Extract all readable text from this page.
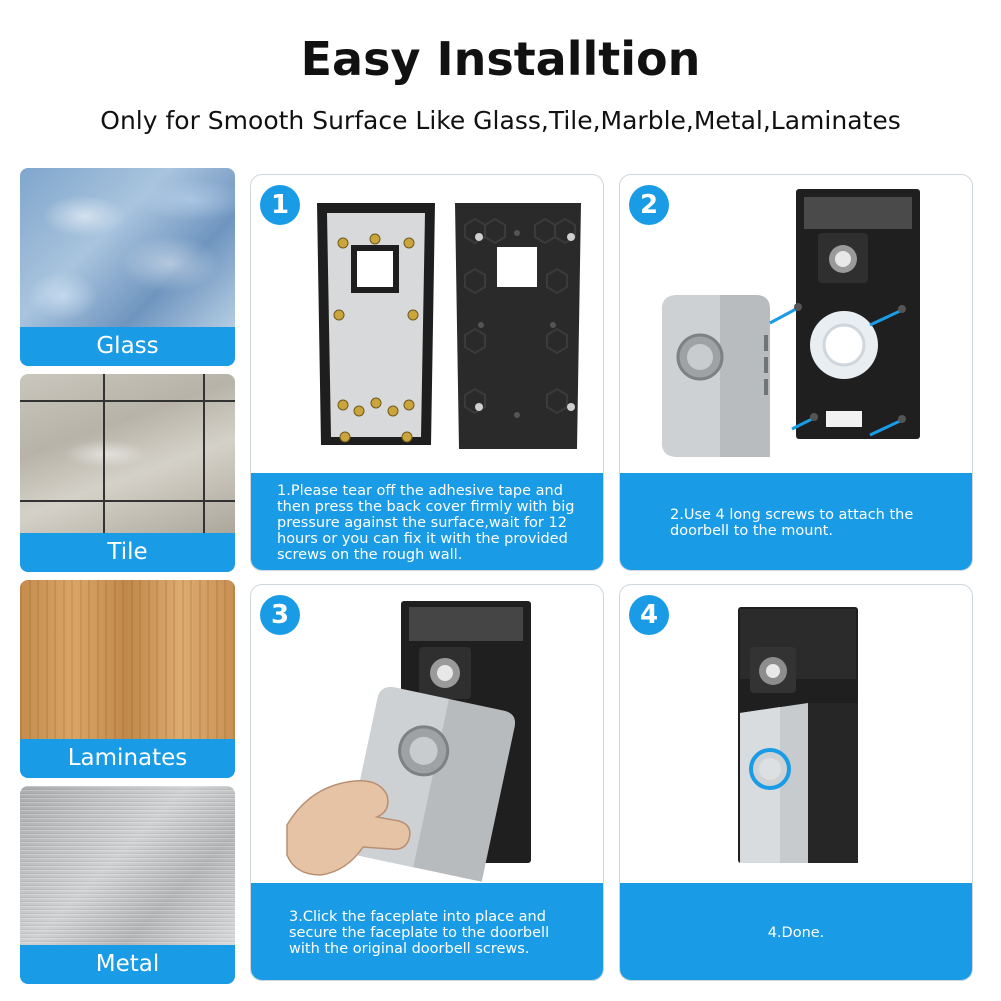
Easy Installtion
Only for Smooth Surface Like Glass,Tile,Marble,Metal,Laminates
Glass
Tile
Laminates
Metal
1
1.Please tear off the adhesive tape and
then press the back cover firmly with big
pressure against the surface,wait for 12
hours or you can fix it with the provided
screws on the rough wall.
2
2.Use 4 long screws to attach the
doorbell to the mount.
3
3.Click the faceplate into place and
secure the faceplate to the doorbell
with the original doorbell screws.
4
4.Done.
